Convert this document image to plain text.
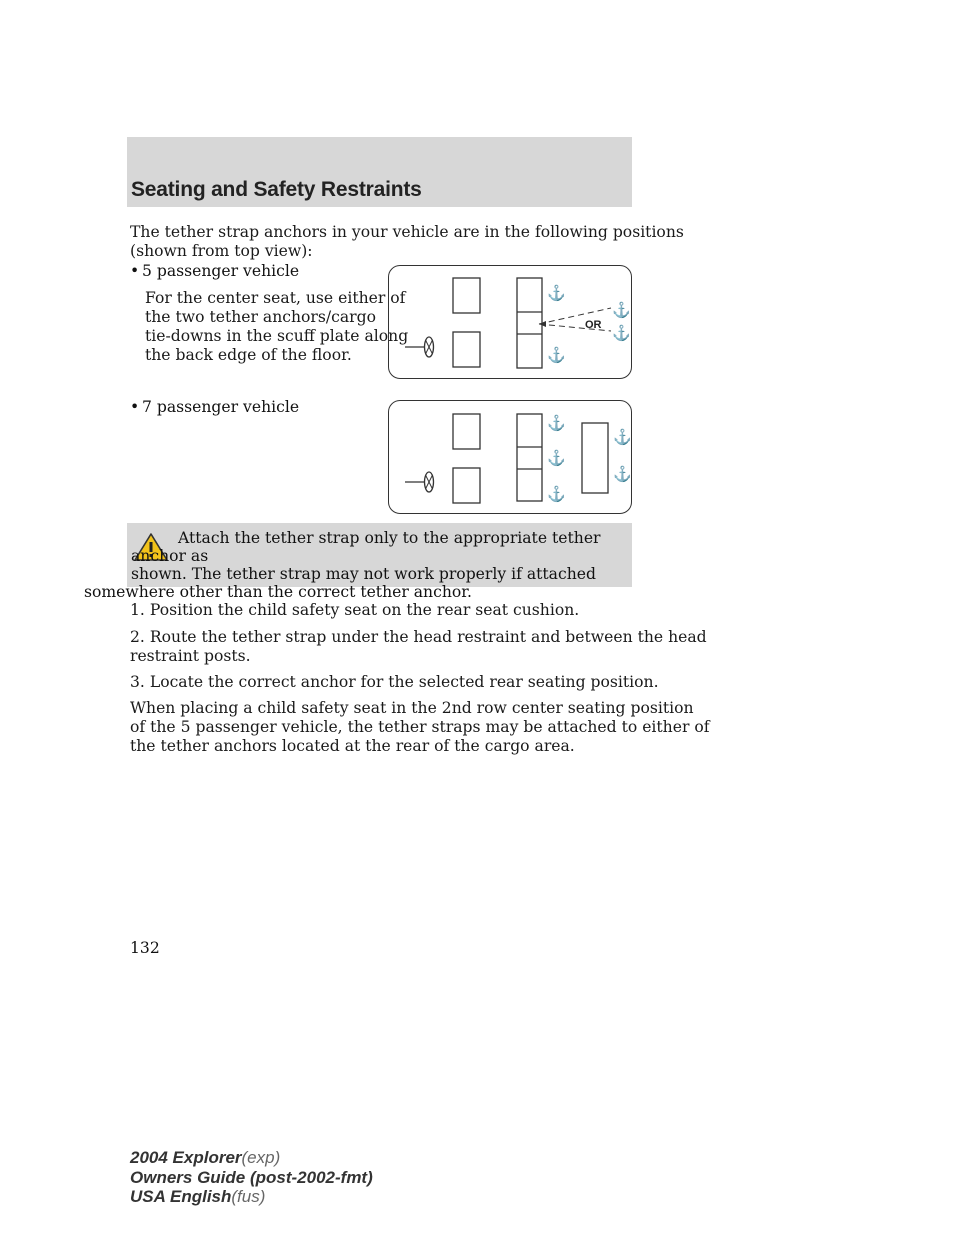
Seating and Safety Restraints
The tether strap anchors in your vehicle are in the following positions
(shown from top view):
• 5 passenger vehicle
For the center seat, use either of
the two tether anchors/cargo
tie-downs in the scuff plate along
the back edge of the floor.
OR
⚓
⚓
⚓
⚓
• 7 passenger vehicle
⚓
⚓
⚓
⚓
⚓

Attach the tether strap only to the appropriate tether anchor as
shown. The tether strap may not work properly if attached
somewhere other than the correct tether anchor.

1. Position the child safety seat on the rear seat cushion.
2. Route the tether strap under the head restraint and between the head
restraint posts.
3. Locate the correct anchor for the selected rear seating position.
When placing a child safety seat in the 2nd row center seating position
of the 5 passenger vehicle, the tether straps may be attached to either of
the tether anchors located at the rear of the cargo area.
132
2004 Explorer(exp)
Owners Guide (post-2002-fmt)
USA English(fus)
